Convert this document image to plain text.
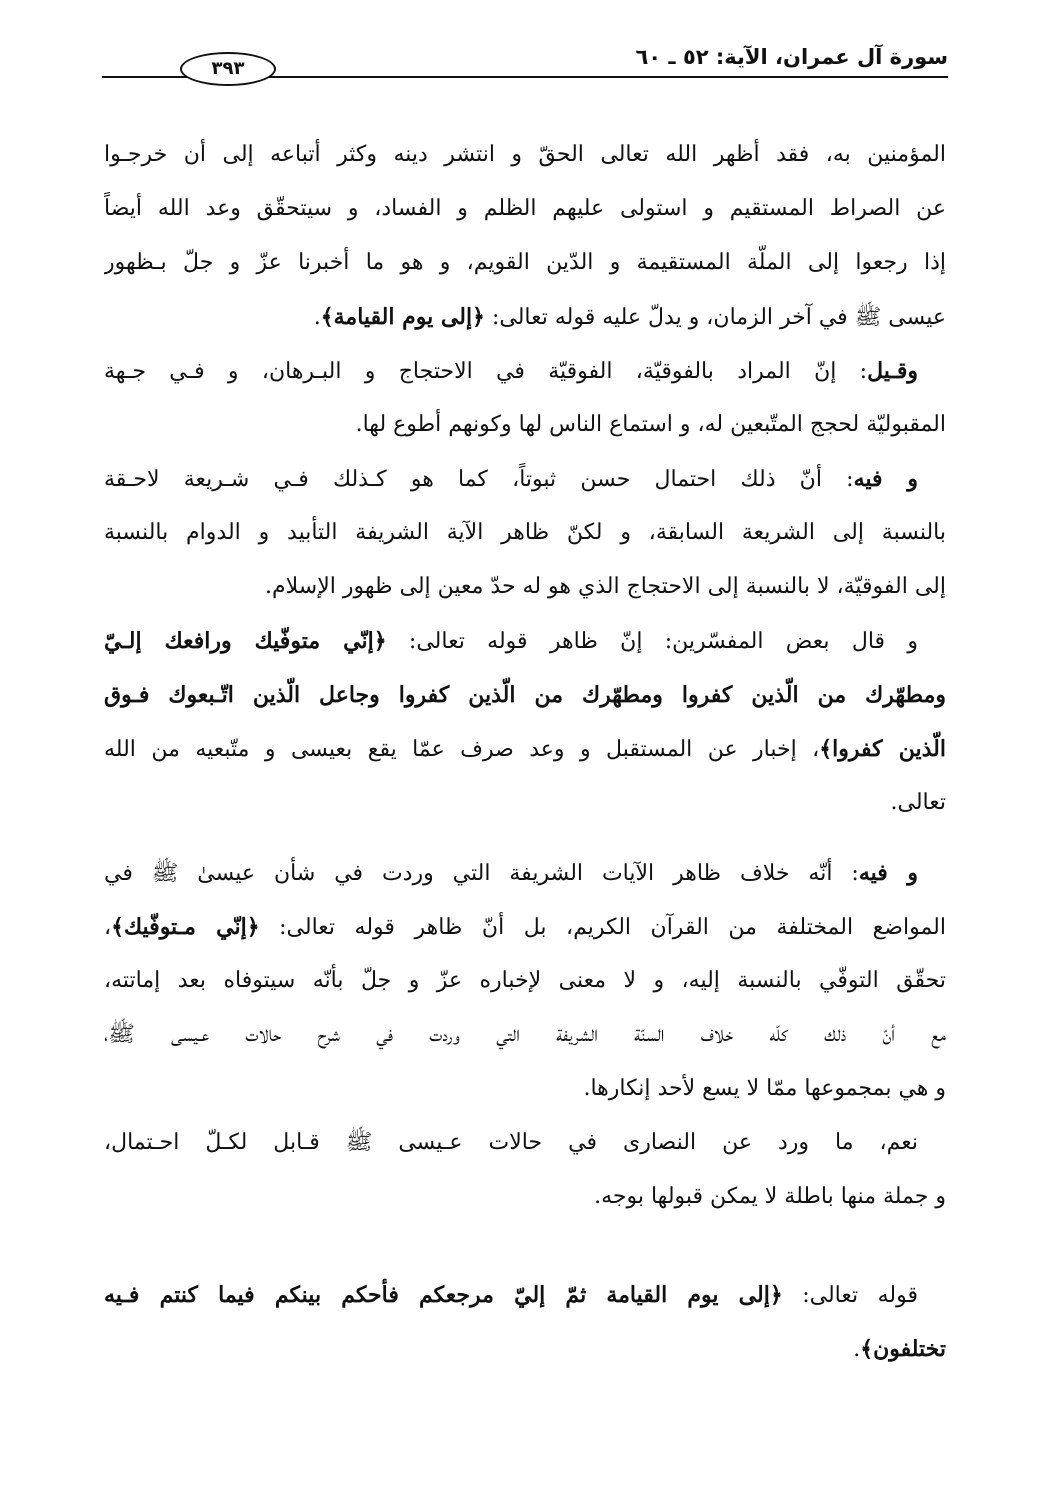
سورة آل عمران، الآية: ٥٢ ـ ٦٠
٣٩٣
المؤمنين به، فقد أظهر الله تعالى الحقّ و انتشر دينه وكثر أتباعه إلى أن خرجـوا
عن الصراط المستقيم و استولى عليهم الظلم و الفساد، و سيتحقّق وعد الله أيضاً
إذا رجعوا إلى الملّة المستقيمة و الدّين القويم، و هو ما أخبرنا عزّ و جلّ بـظهور
عيسى ﷺ في آخر الزمان، و يدلّ عليه قوله تعالى: ﴿إلى يوم القيامة﴾.
وقـيل: إنّ المراد بالفوقيّة، الفوقيّة في الاحتجاج و البـرهان، و فـي جـهة
المقبوليّة لحجج المتّبعين له، و استماع الناس لها وكونهم أطوع لها.
و فيه: أنّ ذلك احتمال حسن ثبوتاً، كما هو كـذلك فـي شـريعة لاحـقة
بالنسبة إلى الشريعة السابقة، و لكنّ ظاهر الآية الشريفة التأبيد و الدوام بالنسبة
إلى الفوقيّة، لا بالنسبة إلى الاحتجاج الذي هو له حدّ معين إلى ظهور الإسلام.
و قال بعض المفسّرين: إنّ ظاهر قوله تعالى: ﴿إنّي متوفّيك ورافعك إلـيّ
ومطهّرك من الّذين كفروا ومطهّرك من الّذين كفروا وجاعل الّذين اتّـبعوك فـوق
الّذين كفروا﴾، إخبار عن المستقبل و وعد صرف عمّا يقع بعيسى و متّبعيه من الله
تعالى.
و فيه: أنّه خلاف ظاهر الآيات الشريفة التي وردت في شأن عيسىٰ ﷺ في
المواضع المختلفة من القرآن الكريم، بل أنّ ظاهر قوله تعالى: ﴿إنّي مـتوفّيك﴾،
تحقّق التوفّي بالنسبة إليه، و لا معنى لإخباره عزّ و جلّ بأنّه سيتوفاه بعد إماتته،
مع أنّ ذلك كلّه خلاف السنّة الشريفة التي وردت في شرح حالات عـيسى ﷺ،
و هي بمجموعها ممّا لا يسع لأحد إنكارها.
نعم، ما ورد عن النصارى في حالات عـيسى ﷺ قـابل لكـلّ احـتمال،
و جملة منها باطلة لا يمكن قبولها بوجه.
قوله تعالى: ﴿إلى يوم القيامة ثمّ إليّ مرجعكم فأحكم بينكم فيما كنتم فـيه
تختلفون﴾.
